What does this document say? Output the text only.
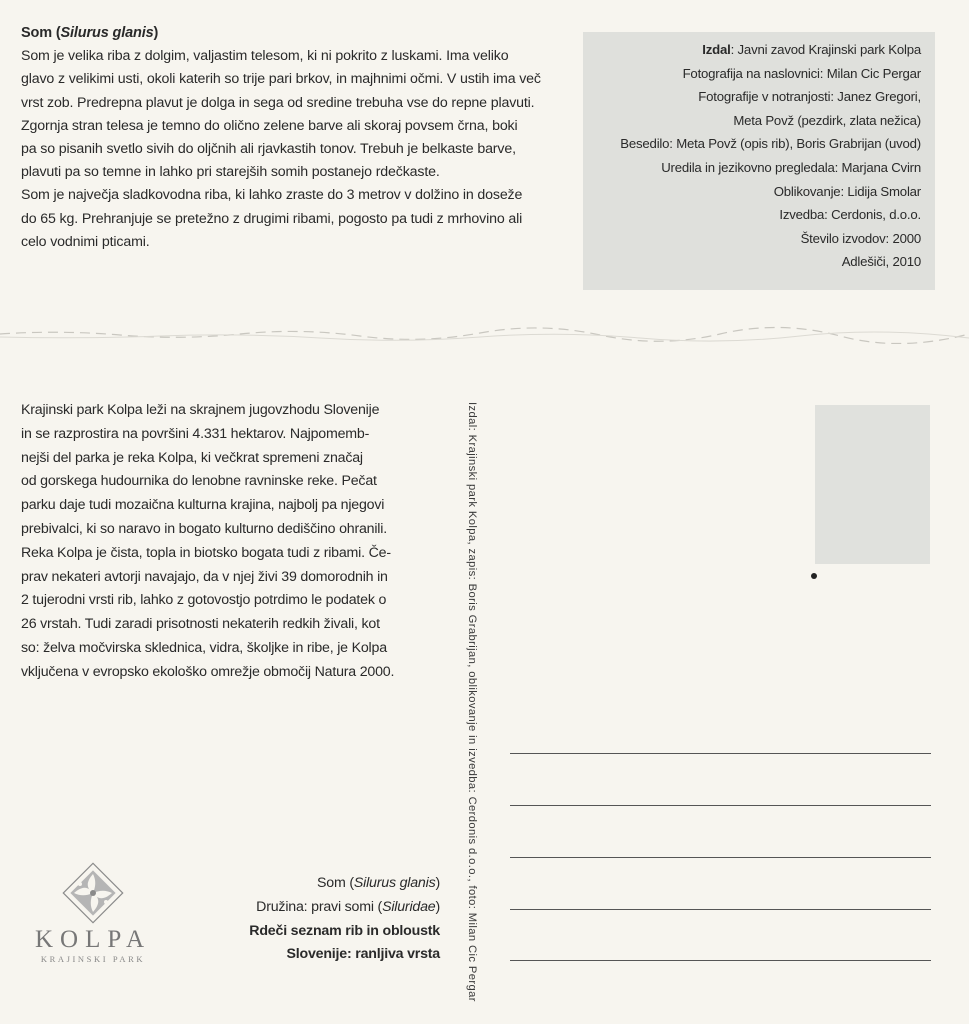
Som (Silurus glanis)

Som je velika riba z dolgim, valjastim telesom, ki ni pokrito z luskami. Ima veliko

glavo z velikimi usti, okoli katerih so trije pari brkov, in majhnimi očmi. V ustih ima več

vrst zob. Predrepna plavut je dolga in sega od sredine trebuha vse do repne plavuti.

Zgornja stran telesa je temno do olično zelene barve ali skoraj povsem črna, boki

pa so pisanih svetlo sivih do oljčnih ali rjavkastih tonov. Trebuh je belkaste barve,

plavuti pa so temne in lahko pri starejših somih postanejo rdečkaste.

Som je največja sladkovodna riba, ki lahko zraste do 3 metrov v dolžino in doseže

do 65 kg. Prehranjuje se pretežno z drugimi ribami, pogosto pa tudi z mrhovino ali

celo vodnimi pticami.

Izdal: Javni zavod Krajinski park Kolpa
Fotografija na naslovnici: Milan Cic Pergar
Fotografije v notranjosti: Janez Gregori,
Meta Povž (pezdirk, zlata nežica)
Besedilo: Meta Povž (opis rib), Boris Grabrijan (uvod)
Uredila in jezikovno pregledala: Marjana Cvirn
Oblikovanje: Lidija Smolar
Izvedba: Cerdonis, d.o.o.
Število izvodov: 2000
Adlešiči, 2010
Krajinski park Kolpa leži na skrajnem jugovzhodu Slovenije
in se razprostira na površini 4.331 hektarov. Najpomemb-
nejši del parka je reka Kolpa, ki večkrat spremeni značaj
od gorskega hudournika do lenobne ravninske reke. Pečat
parku daje tudi mozaična kulturna krajina, najbolj pa njegovi
prebivalci, ki so naravo in bogato kulturno dediščino ohranili.
Reka Kolpa je čista, topla in biotsko bogata tudi z ribami. Če-
prav nekateri avtorji navajajo, da v njej živi 39 domorodnih in
2 tujerodni vrsti rib, lahko z gotovostjo potrdimo le podatek o
26 vrstah. Tudi zaradi prisotnosti nekaterih redkih živali, kot
so: želva močvirska sklednica, vidra, školjke in ribe, je Kolpa
vključena v evropsko ekološko omrežje območij Natura 2000.	Izdal: Krajinski park Kolpa, zapis: Boris Grabrijan, oblikovanje in izvedba: Cerdonis d.o.o., foto: Milan Cic Pergar
Som (Silurus glanis)
Družina: pravi somi (Siluridae)
Rdeči seznam rib in obloustk
Slovenije: ranljiva vrsta
KOLPA
KRAJINSKI PARK
